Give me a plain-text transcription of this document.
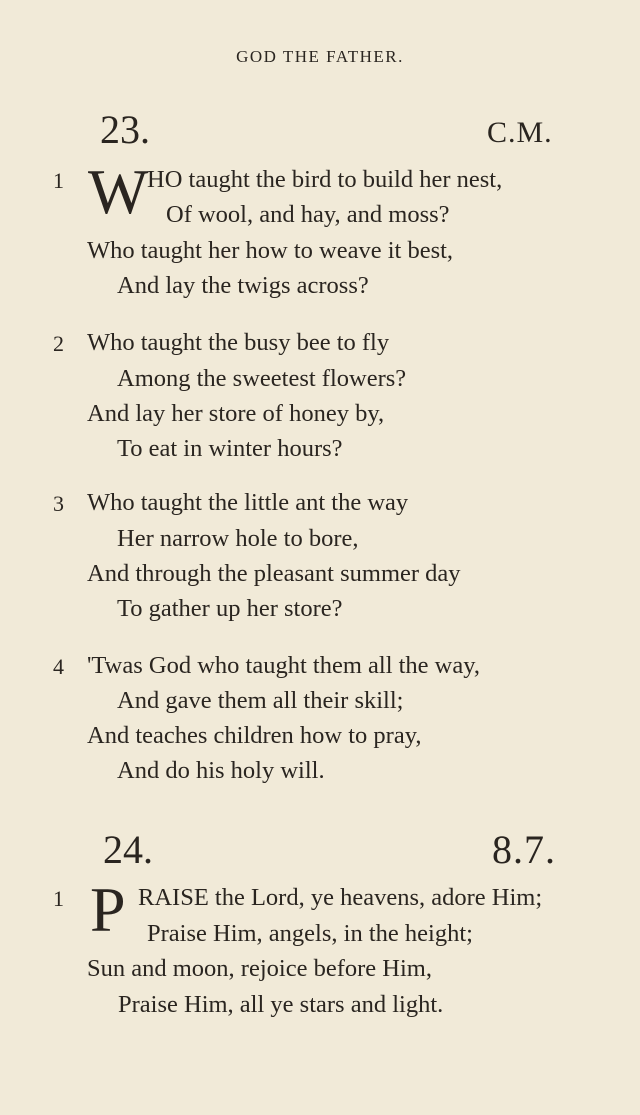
GOD THE FATHER.
23.	C.M.
1 W
HO taught the bird to build her nest,
Of wool, and hay, and moss?
Who taught her how to weave it best,
And lay the twigs across?
2 Who taught the busy bee to fly
Among the sweetest flowers?
And lay her store of honey by,
To eat in winter hours?
3 Who taught the little ant the way
Her narrow hole to bore,
And through the pleasant summer day
To gather up her store?
4 'Twas God who taught them all the way,
And gave them all their skill;
And teaches children how to pray,
And do his holy will.
24.	8.7.
1 P RAISE the Lord, ye heavens, adore Him;
Praise Him, angels, in the height;
Sun and moon, rejoice before Him,
Praise Him, all ye stars and light.
